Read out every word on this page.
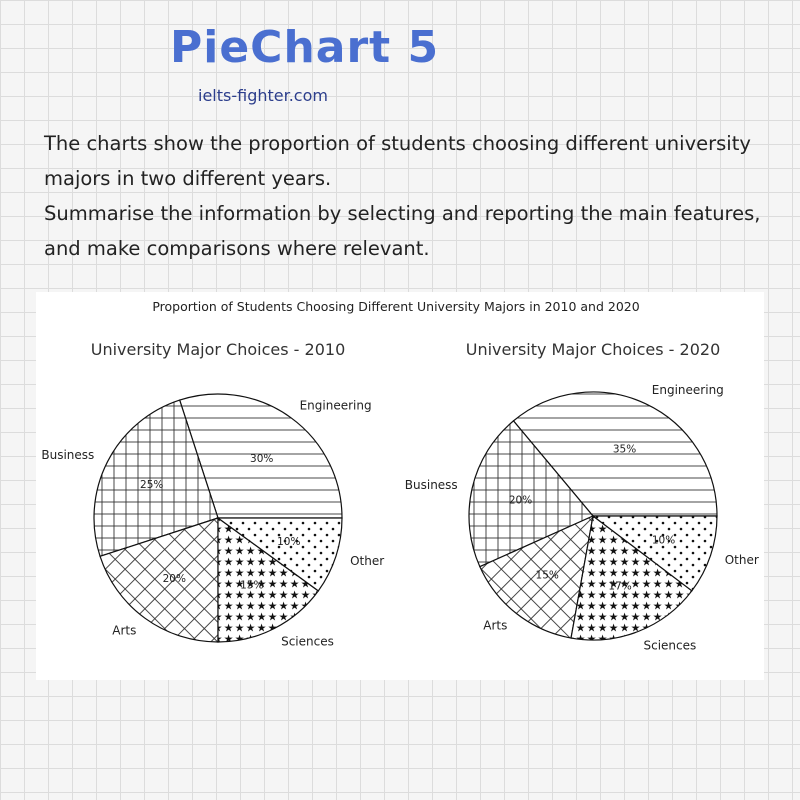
PieChart 5
ielts-fighter.com

The charts show the proportion of students choosing different university majors in two different years.

Summarise the information by selecting and reporting the main features, and make comparisons where relevant.

Proportion of Students Choosing Different University Majors in 2010 and 2020
University Major Choices - 2010
30%
Engineering
25%
Business
20%
Arts
15%
Sciences
10%
Other
University Major Choices - 2020
35%
Engineering
20%
Business
15%
Arts
17%
Sciences
10%
Other
